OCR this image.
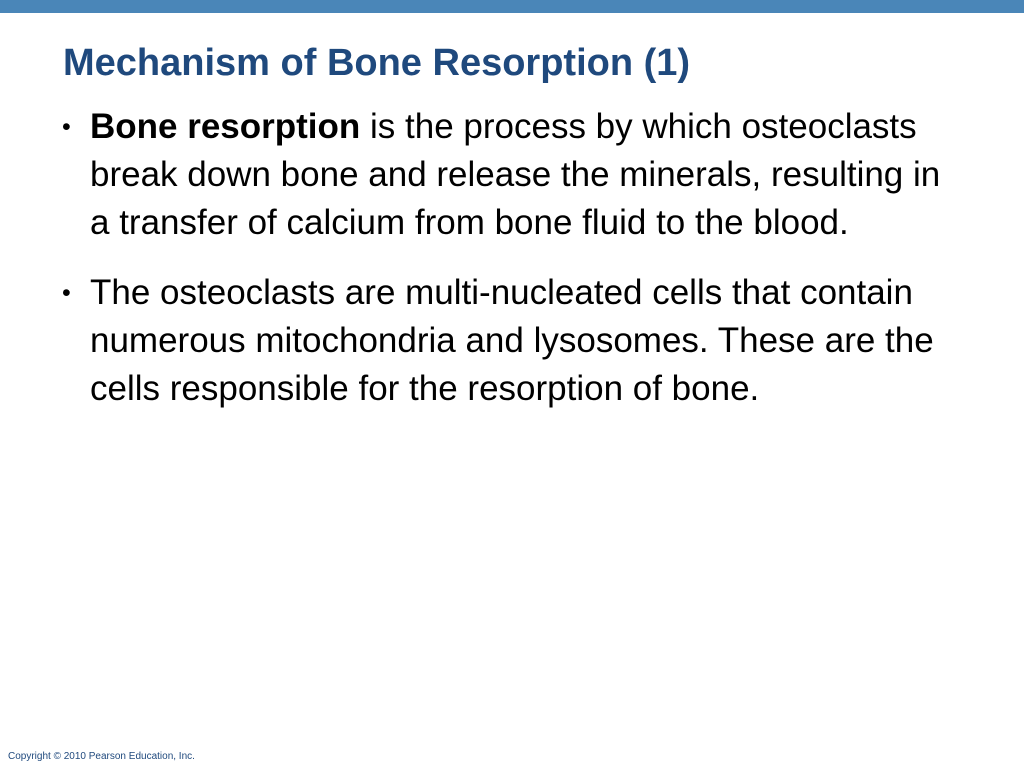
Mechanism of Bone Resorption (1)
• Bone resorption is the process by which osteoclasts break down bone and release the minerals, resulting in a transfer of calcium from bone fluid to the blood.
• The osteoclasts are multi-nucleated cells that contain numerous mitochondria and lysosomes. These are the cells responsible for the resorption of bone.
Copyright © 2010 Pearson Education, Inc.
